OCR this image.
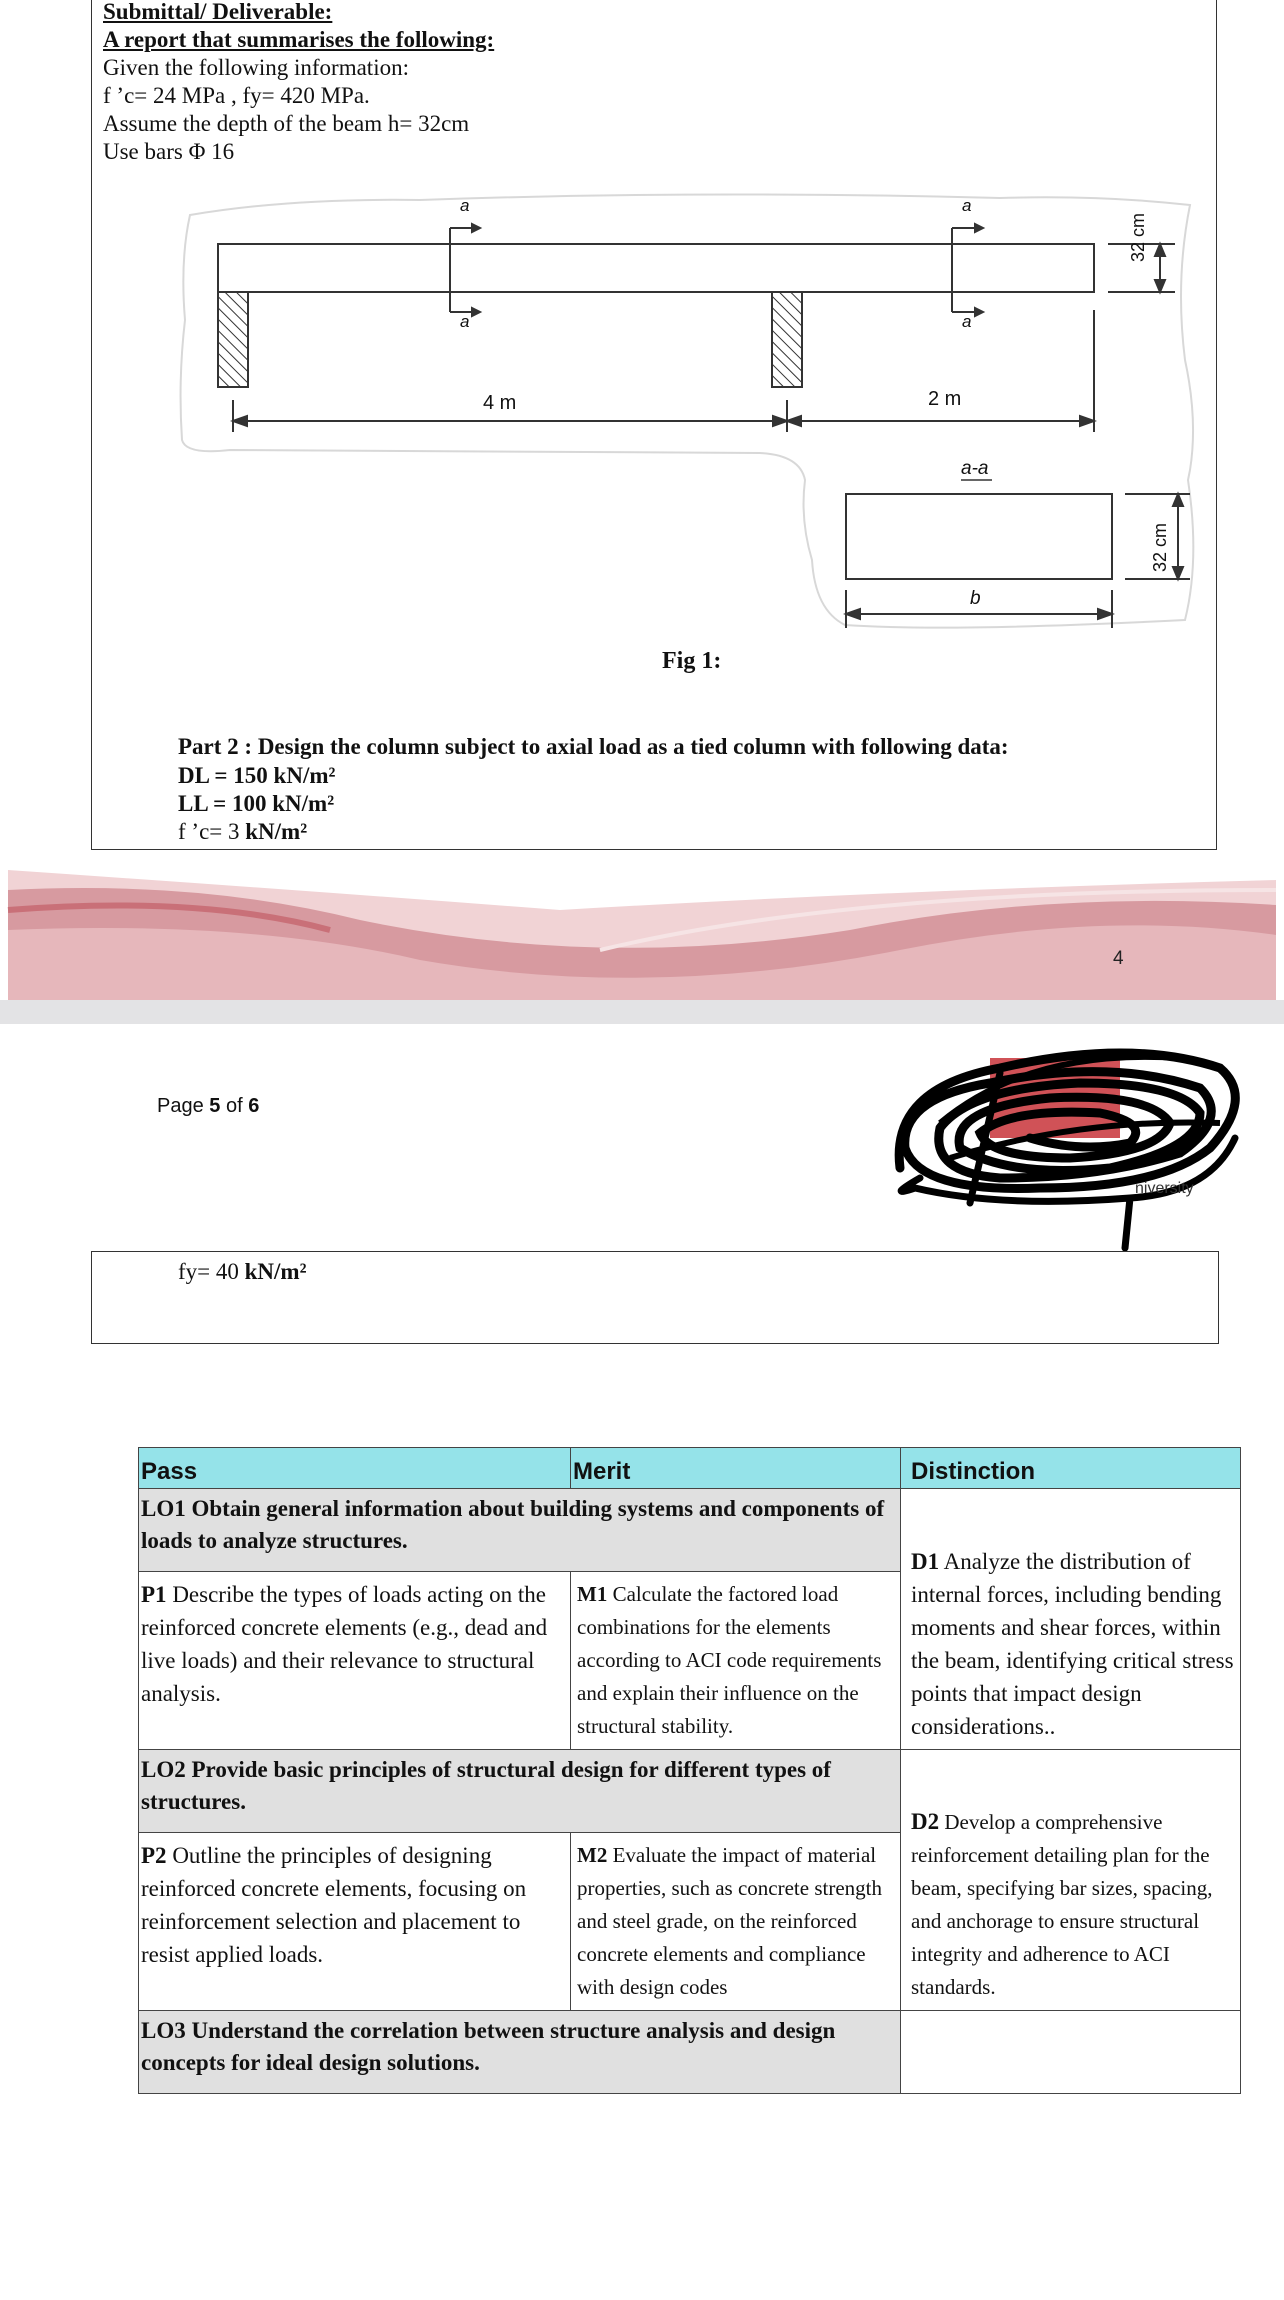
Submittal/ Deliverable:
A report that summarises the following:
Given the following information:
f ’c= 24 MPa , fy= 420 MPa.
Assume the depth of the beam h= 32cm
Use bars Φ 16
a
a
a
a
4 m	2 m
32 cm
a-a
b
32 cm
Fig 1:
Part 2 : Design the column subject to axial load as a tied column with following data:
DL = 150 kN/m²
LL = 100 kN/m²
f ’c= 3 kN/m²
4
Page 5 of 6
niversity
fy= 40 kN/m²
Pass	Merit	Distinction
LO1 Obtain general information about building systems and components of loads to analyze structures.		D1 Analyze the distribution of internal forces, including bending moments and shear forces, within the beam, identifying critical stress points that impact design considerations..
P1 Describe the types of loads acting on the reinforced concrete elements (e.g., dead and live loads) and their relevance to structural analysis.	M1 Calculate the factored load combinations for the elements according to ACI code requirements and explain their influence on the structural stability.	
LO2 Provide basic principles of structural design for different types of structures.		D2 Develop a comprehensive reinforcement detailing plan for the beam, specifying bar sizes, spacing, and anchorage to ensure structural integrity and adherence to ACI standards.
P2 Outline the principles of designing reinforced concrete elements, focusing on reinforcement selection and placement to resist applied loads.	M2 Evaluate the impact of material properties, such as concrete strength and steel grade, on the reinforced concrete elements and compliance with design codes	
LO3 Understand the correlation between structure analysis and design concepts for ideal design solutions.		
